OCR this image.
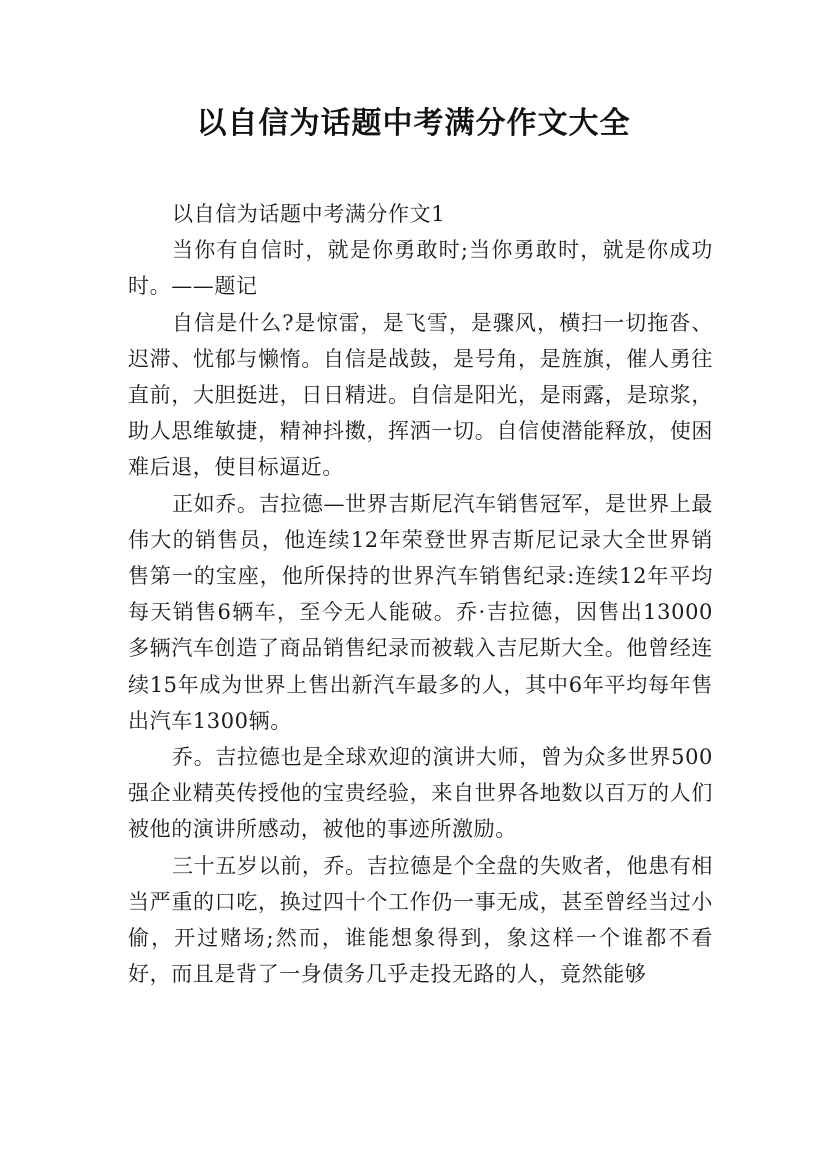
以自信为话题中考满分作文大全

以自信为话题中考满分作文1

当你有自信时，就是你勇敢时;当你勇敢时，就是你成功时。——题记

自信是什么?是惊雷，是飞雪，是骤风，横扫一切拖沓、迟滞、忧郁与懒惰。自信是战鼓，是号角，是旌旗，催人勇往直前，大胆挺进，日日精进。自信是阳光，是雨露，是琼浆，助人思维敏捷，精神抖擞，挥洒一切。自信使潜能释放，使困难后退，使目标逼近。

正如乔。吉拉德—世界吉斯尼汽车销售冠军，是世界上最伟大的销售员，他连续12年荣登世界吉斯尼记录大全世界销售第一的宝座，他所保持的世界汽车销售纪录:连续12年平均每天销售6辆车，至今无人能破。乔·吉拉德，因售出13000多辆汽车创造了商品销售纪录而被载入吉尼斯大全。他曾经连续15年成为世界上售出新汽车最多的人，其中6年平均每年售出汽车1300辆。

乔。吉拉德也是全球欢迎的演讲大师，曾为众多世界500强企业精英传授他的宝贵经验，来自世界各地数以百万的人们被他的演讲所感动，被他的事迹所激励。

三十五岁以前，乔。吉拉德是个全盘的失败者，他患有相当严重的口吃，换过四十个工作仍一事无成，甚至曾经当过小偷，开过赌场;然而，谁能想象得到，象这样一个谁都不看好，而且是背了一身债务几乎走投无路的人，竟然能够
